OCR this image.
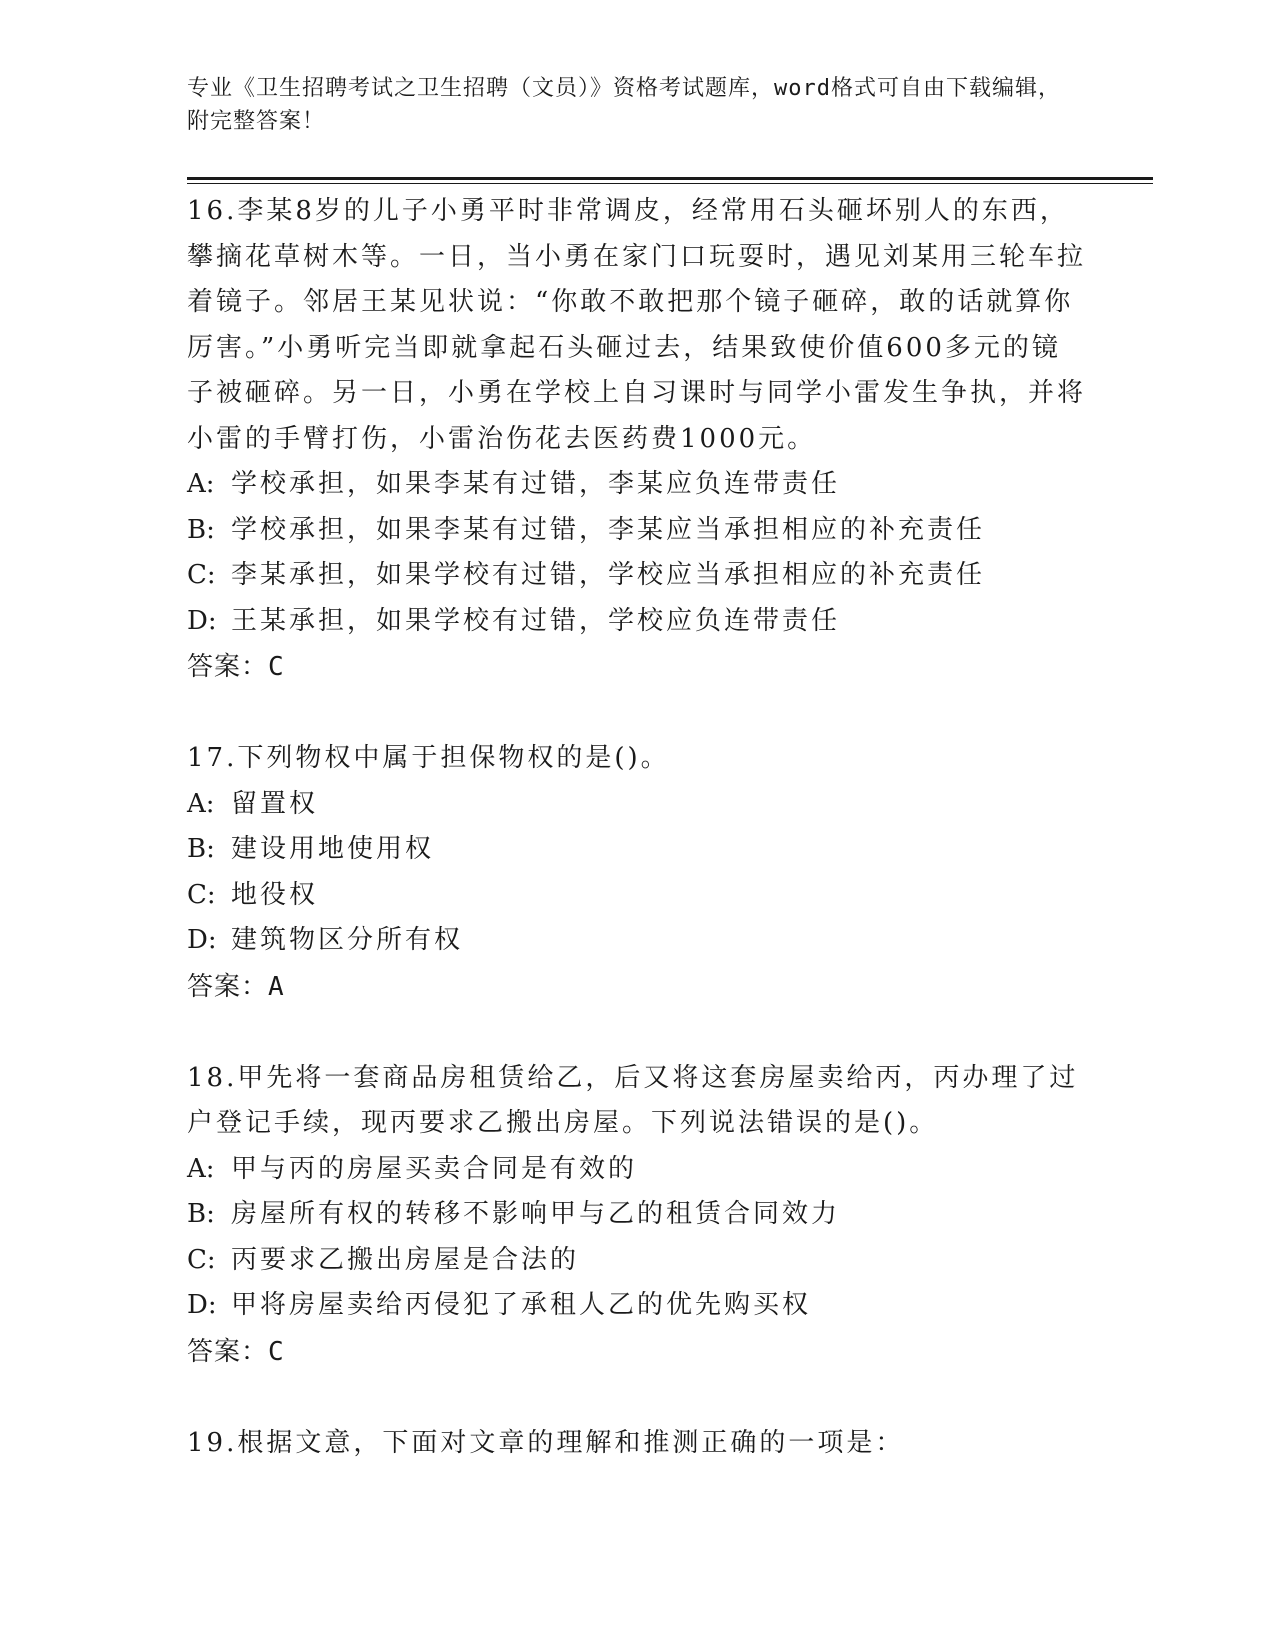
专业《卫生招聘考试之卫生招聘（文员）》资格考试题库，word格式可自由下载编辑，附完整答案！

16.李某8岁的儿子小勇平时非常调皮，经常用石头砸坏别人的东西，攀摘花草树木等。一日，当小勇在家门口玩耍时，遇见刘某用三轮车拉着镜子。邻居王某见状说：“你敢不敢把那个镜子砸碎，敢的话就算你厉害。”小勇听完当即就拿起石头砸过去，结果致使价值600多元的镜子被砸碎。另一日，小勇在学校上自习课时与同学小雷发生争执，并将小雷的手臂打伤，小雷治伤花去医药费1000元。

A: 学校承担，如果李某有过错，李某应负连带责任

B: 学校承担，如果李某有过错，李某应当承担相应的补充责任

C: 李某承担，如果学校有过错，学校应当承担相应的补充责任

D: 王某承担，如果学校有过错，学校应负连带责任

答案：C

17.下列物权中属于担保物权的是()。

A: 留置权

B: 建设用地使用权

C: 地役权

D: 建筑物区分所有权

答案：A

18.甲先将一套商品房租赁给乙，后又将这套房屋卖给丙，丙办理了过户登记手续，现丙要求乙搬出房屋。下列说法错误的是()。

A: 甲与丙的房屋买卖合同是有效的

B: 房屋所有权的转移不影响甲与乙的租赁合同效力

C: 丙要求乙搬出房屋是合法的

D: 甲将房屋卖给丙侵犯了承租人乙的优先购买权

答案：C

19.根据文意，下面对文章的理解和推测正确的一项是：
